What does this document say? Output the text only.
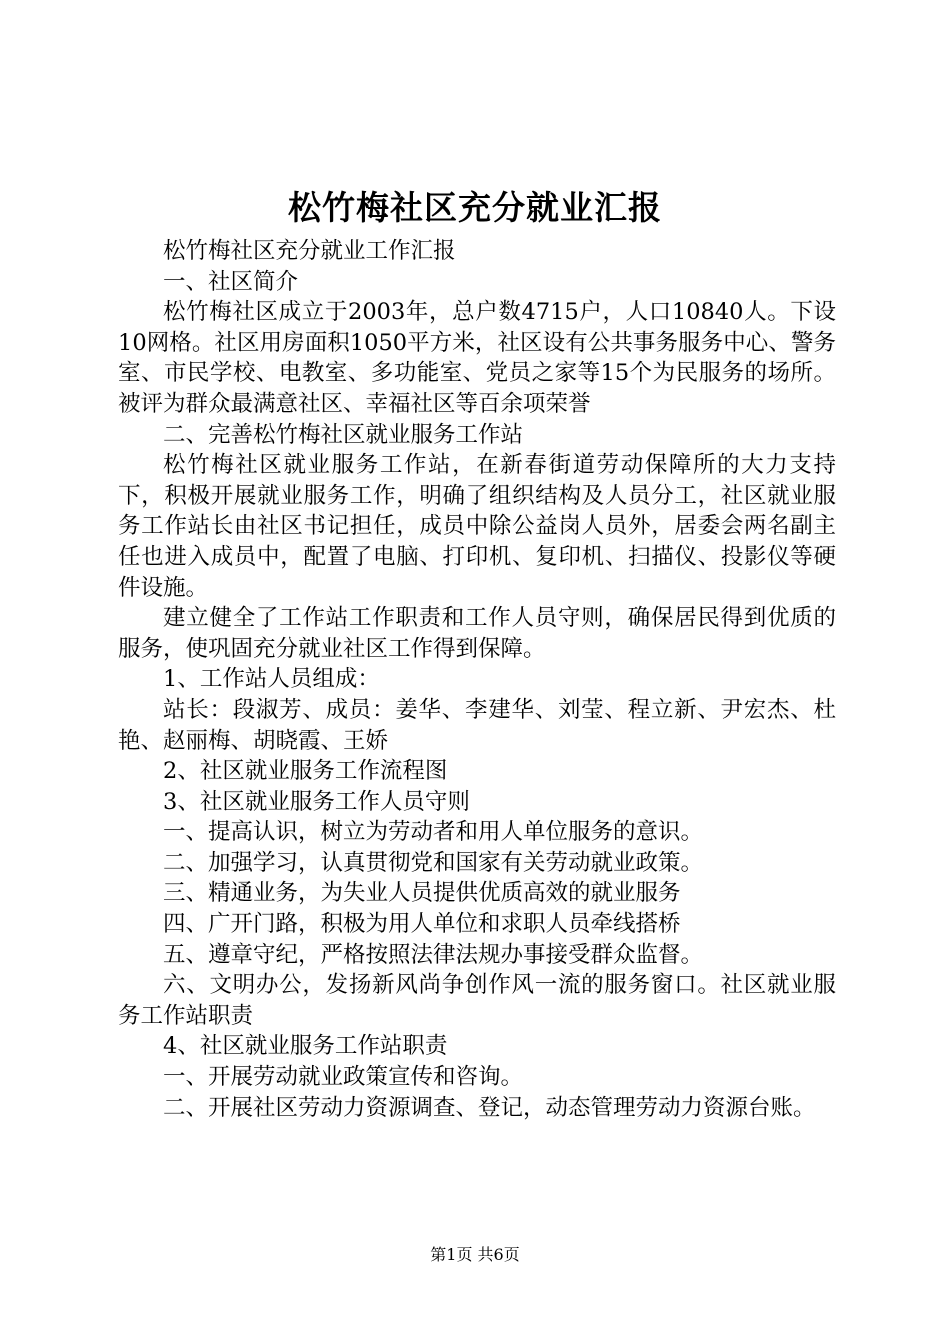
松竹梅社区充分就业汇报

松竹梅社区充分就业工作汇报

一、社区简介

松竹梅社区成立于2003年，总户数4715户，人口10840人。下设10网格。社区用房面积1050平方米，社区设有公共事务服务中心、警务室、市民学校、电教室、多功能室、党员之家等15个为民服务的场所。被评为群众最满意社区、幸福社区等百余项荣誉

二、完善松竹梅社区就业服务工作站

松竹梅社区就业服务工作站，在新春街道劳动保障所的大力支持下，积极开展就业服务工作，明确了组织结构及人员分工，社区就业服务工作站长由社区书记担任，成员中除公益岗人员外，居委会两名副主任也进入成员中，配置了电脑、打印机、复印机、扫描仪、投影仪等硬件设施。

建立健全了工作站工作职责和工作人员守则，确保居民得到优质的服务，使巩固充分就业社区工作得到保障。

1、工作站人员组成：

站长：段淑芳、成员：姜华、李建华、刘莹、程立新、尹宏杰、杜艳、赵丽梅、胡晓霞、王娇

2、社区就业服务工作流程图

3、社区就业服务工作人员守则

一、提高认识，树立为劳动者和用人单位服务的意识。

二、加强学习，认真贯彻党和国家有关劳动就业政策。

三、精通业务，为失业人员提供优质高效的就业服务

四、广开门路，积极为用人单位和求职人员牵线搭桥

五、遵章守纪，严格按照法律法规办事接受群众监督。

六、文明办公，发扬新风尚争创作风一流的服务窗口。社区就业服务工作站职责

4、社区就业服务工作站职责

一、开展劳动就业政策宣传和咨询。

二、开展社区劳动力资源调查、登记，动态管理劳动力资源台账。

第1页 共6页
